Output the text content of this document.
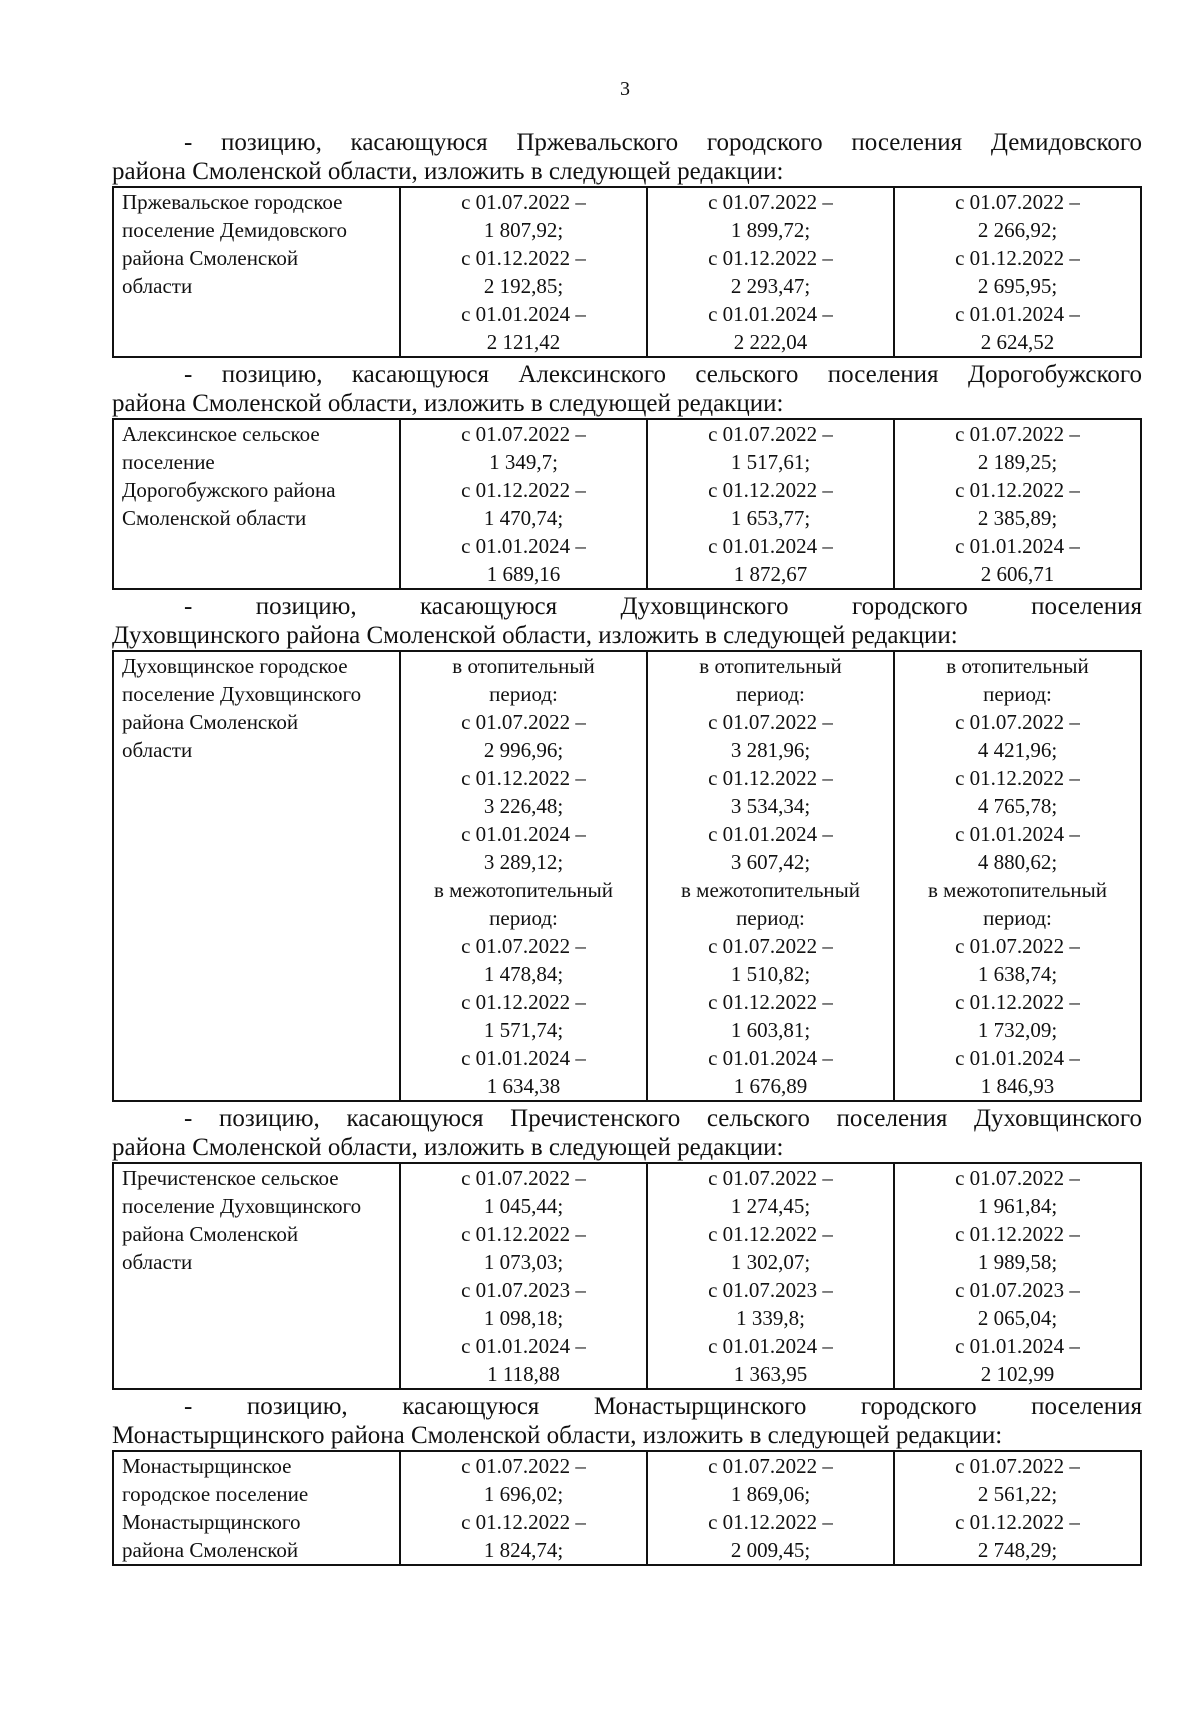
3
- позицию, касающуюся Пржевальского городского поселения Демидовского
района Смоленской области, изложить в следующей редакции:
Пржевальское городское
поселение Демидовского
района Смоленской
области

с 01.07.2022 –
1 807,92;
с 01.12.2022 –
2 192,85;
с 01.01.2024 –
2 121,42

с 01.07.2022 –
1 899,72;
с 01.12.2022 –
2 293,47;
с 01.01.2024 –
2 222,04

с 01.07.2022 –
2 266,92;
с 01.12.2022 –
2 695,95;
с 01.01.2024 –
2 624,52
- позицию, касающуюся Алексинского сельского поселения Дорогобужского
района Смоленской области, изложить в следующей редакции:
Алексинское сельское
поселение
Дорогобужского района
Смоленской области

с 01.07.2022 –
1 349,7;
с 01.12.2022 –
1 470,74;
с 01.01.2024 –
1 689,16

с 01.07.2022 –
1 517,61;
с 01.12.2022 –
1 653,77;
с 01.01.2024 –
1 872,67

с 01.07.2022 –
2 189,25;
с 01.12.2022 –
2 385,89;
с 01.01.2024 –
2 606,71
- позицию, касающуюся Духовщинского городского поселения
Духовщинского района Смоленской области, изложить в следующей редакции:
Духовщинское городское
поселение Духовщинского
района Смоленской
области

в отопительный
период:
с 01.07.2022 –
2 996,96;
с 01.12.2022 –
3 226,48;
с 01.01.2024 –
3 289,12;
в межотопительный
период:
с 01.07.2022 –
1 478,84;
с 01.12.2022 –
1 571,74;
с 01.01.2024 –
1 634,38

в отопительный
период:
с 01.07.2022 –
3 281,96;
с 01.12.2022 –
3 534,34;
с 01.01.2024 –
3 607,42;
в межотопительный
период:
с 01.07.2022 –
1 510,82;
с 01.12.2022 –
1 603,81;
с 01.01.2024 –
1 676,89

в отопительный
период:
с 01.07.2022 –
4 421,96;
с 01.12.2022 –
4 765,78;
с 01.01.2024 –
4 880,62;
в межотопительный
период:
с 01.07.2022 –
1 638,74;
с 01.12.2022 –
1 732,09;
с 01.01.2024 –
1 846,93
- позицию, касающуюся Пречистенского сельского поселения Духовщинского
района Смоленской области, изложить в следующей редакции:
Пречистенское сельское
поселение Духовщинского
района Смоленской
области

с 01.07.2022 –
1 045,44;
с 01.12.2022 –
1 073,03;
с 01.07.2023 –
1 098,18;
с 01.01.2024 –
1 118,88

с 01.07.2022 –
1 274,45;
с 01.12.2022 –
1 302,07;
с 01.07.2023 –
1 339,8;
с 01.01.2024 –
1 363,95

с 01.07.2022 –
1 961,84;
с 01.12.2022 –
1 989,58;
с 01.07.2023 –
2 065,04;
с 01.01.2024 –
2 102,99
- позицию, касающуюся Монастырщинского городского поселения
Монастырщинского района Смоленской области, изложить в следующей редакции:
Монастырщинское
городское поселение
Монастырщинского
района Смоленской

с 01.07.2022 –
1 696,02;
с 01.12.2022 –
1 824,74;

с 01.07.2022 –
1 869,06;
с 01.12.2022 –
2 009,45;

с 01.07.2022 –
2 561,22;
с 01.12.2022 –
2 748,29;
